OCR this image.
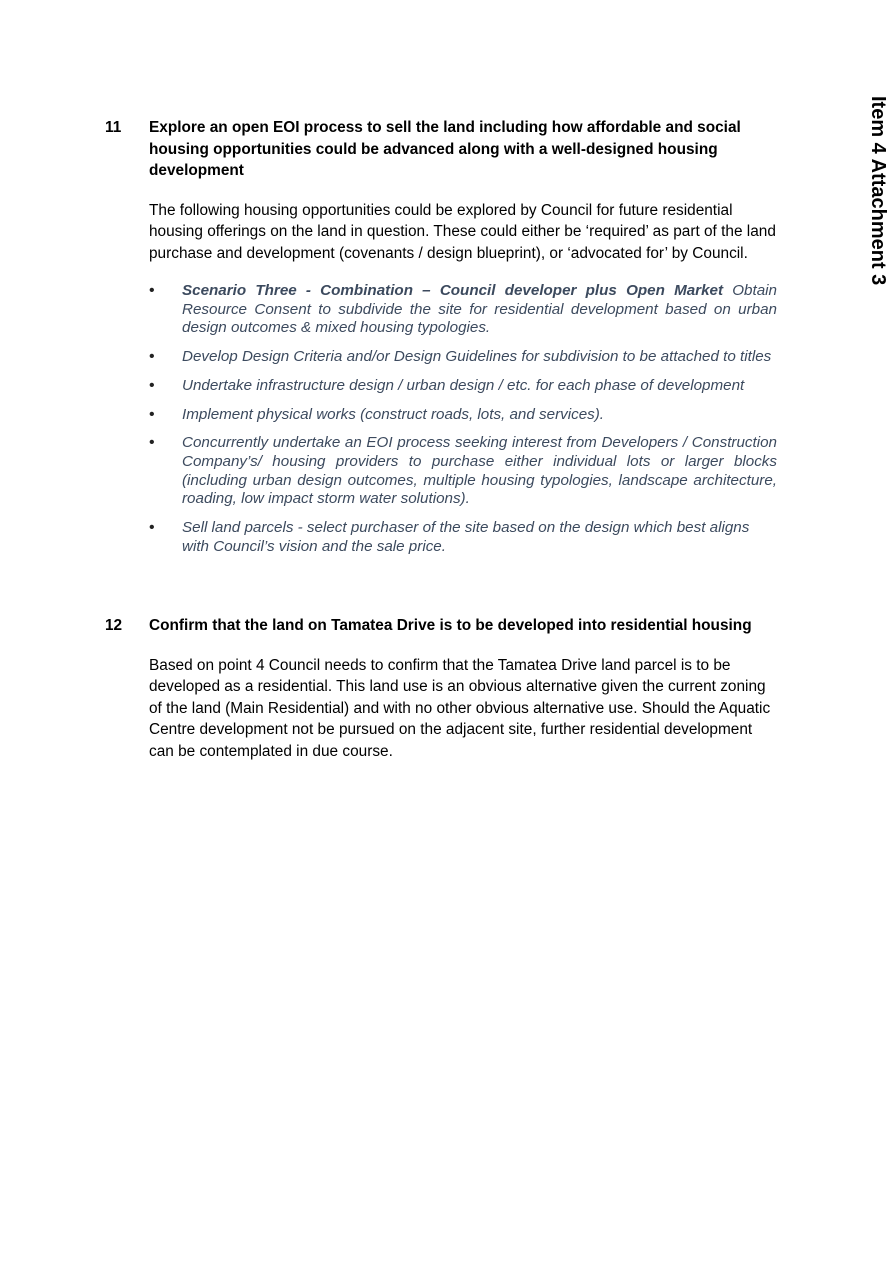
11	Explore an open EOI process to sell the land including how affordable and social housing opportunities could be advanced along with a well-designed housing development
The following housing opportunities could be explored by Council for future residential housing offerings on the land in question. These could either be ‘required’ as part of the land purchase and development (covenants / design blueprint), or ‘advocated for’ by Council.
•	Scenario Three - Combination – Council developer plus Open Market Obtain Resource Consent to subdivide the site for residential development based on urban design outcomes & mixed housing typologies.
•	Develop Design Criteria and/or Design Guidelines for subdivision to be attached to titles
•	Undertake infrastructure design / urban design / etc. for each phase of development
•	Implement physical works (construct roads, lots, and services).
•	Concurrently undertake an EOI process seeking interest from Developers / Construction Company’s/ housing providers to purchase either individual lots or larger blocks (including urban design outcomes, multiple housing typologies, landscape architecture, roading, low impact storm water solutions).
•	Sell land parcels - select purchaser of the site based on the design which best aligns with Council’s vision and the sale price.
12	Confirm that the land on Tamatea Drive is to be developed into residential housing
Based on point 4 Council needs to confirm that the Tamatea Drive land parcel is to be developed as a residential. This land use is an obvious alternative given the current zoning of the land (Main Residential) and with no other obvious alternative use. Should the Aquatic Centre development not be pursued on the adjacent site, further residential development can be contemplated in due course.
Item 4 Attachment 3
